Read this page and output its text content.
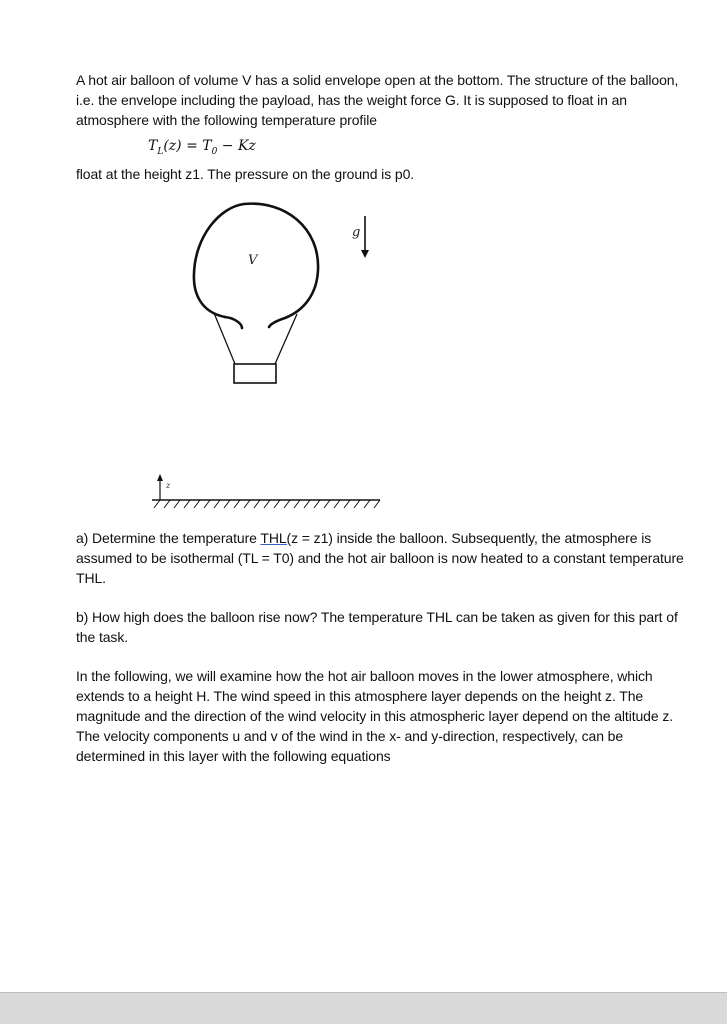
A hot air balloon of volume V has a solid envelope open at the bottom. The structure of the balloon, i.e. the envelope including the payload, has the weight force G. It is supposed to float in an atmosphere with the following temperature profile

$T_L(z) = T_0 - Kz$

float at the height z1. The pressure on the ground is p0.

V
g
z

a) Determine the temperature THL(z = z1) inside the balloon. Subsequently, the atmosphere is assumed to be isothermal (TL = T0) and the hot air balloon is now heated to a constant temperature THL.

b) How high does the balloon rise now? The temperature THL can be taken as given for this part of the task.

In the following, we will examine how the hot air balloon moves in the lower atmosphere, which extends to a height H. The wind speed in this atmosphere layer depends on the height z. The magnitude and the direction of the wind velocity in this atmospheric layer depend on the altitude z. The velocity components u and v of the wind in the x- and y-direction, respectively, can be determined in this layer with the following equations
